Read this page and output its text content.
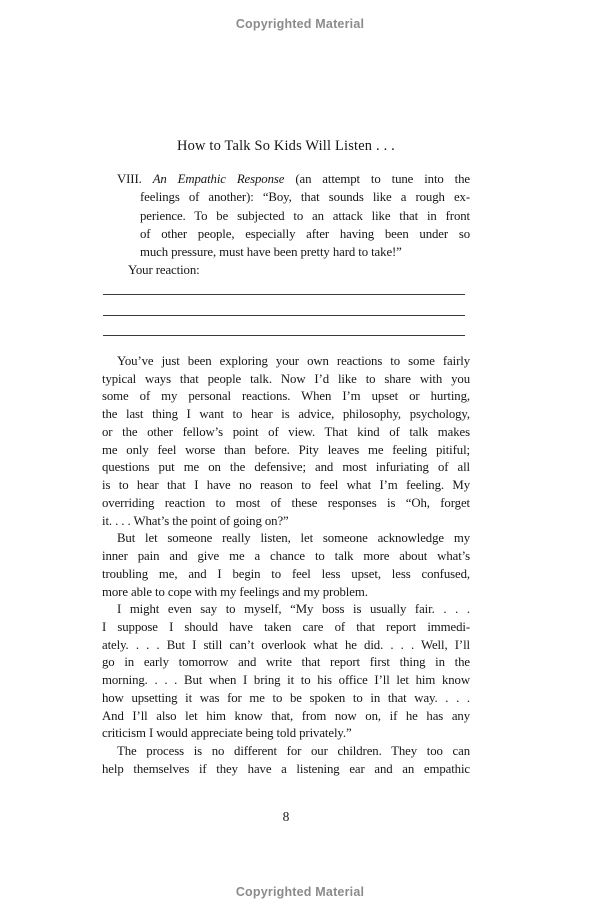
Copyrighted Material
How to Talk So Kids Will Listen . . .
VIII. An Empathic Response (an attempt to tune into the
feelings of another): “Boy, that sounds like a rough ex-
perience. To be subjected to an attack like that in front
of other people, especially after having been under so
much pressure, must have been pretty hard to take!”
Your reaction:
You’ve just been exploring your own reactions to some fairly
typical ways that people talk. Now I’d like to share with you
some of my personal reactions. When I’m upset or hurting,
the last thing I want to hear is advice, philosophy, psychology,
or the other fellow’s point of view. That kind of talk makes
me only feel worse than before. Pity leaves me feeling pitiful;
questions put me on the defensive; and most infuriating of all
is to hear that I have no reason to feel what I’m feeling. My
overriding reaction to most of these responses is “Oh, forget
it. . . . What’s the point of going on?”
But let someone really listen, let someone acknowledge my
inner pain and give me a chance to talk more about what’s
troubling me, and I begin to feel less upset, less confused,
more able to cope with my feelings and my problem.
I might even say to myself, “My boss is usually fair. . . .
I suppose I should have taken care of that report immedi-
ately. . . . But I still can’t overlook what he did. . . . Well, I’ll
go in early tomorrow and write that report first thing in the
morning. . . . But when I bring it to his office I’ll let him know
how upsetting it was for me to be spoken to in that way. . . .
And I’ll also let him know that, from now on, if he has any
criticism I would appreciate being told privately.”
The process is no different for our children. They too can
help themselves if they have a listening ear and an empathic
8
Copyrighted Material
